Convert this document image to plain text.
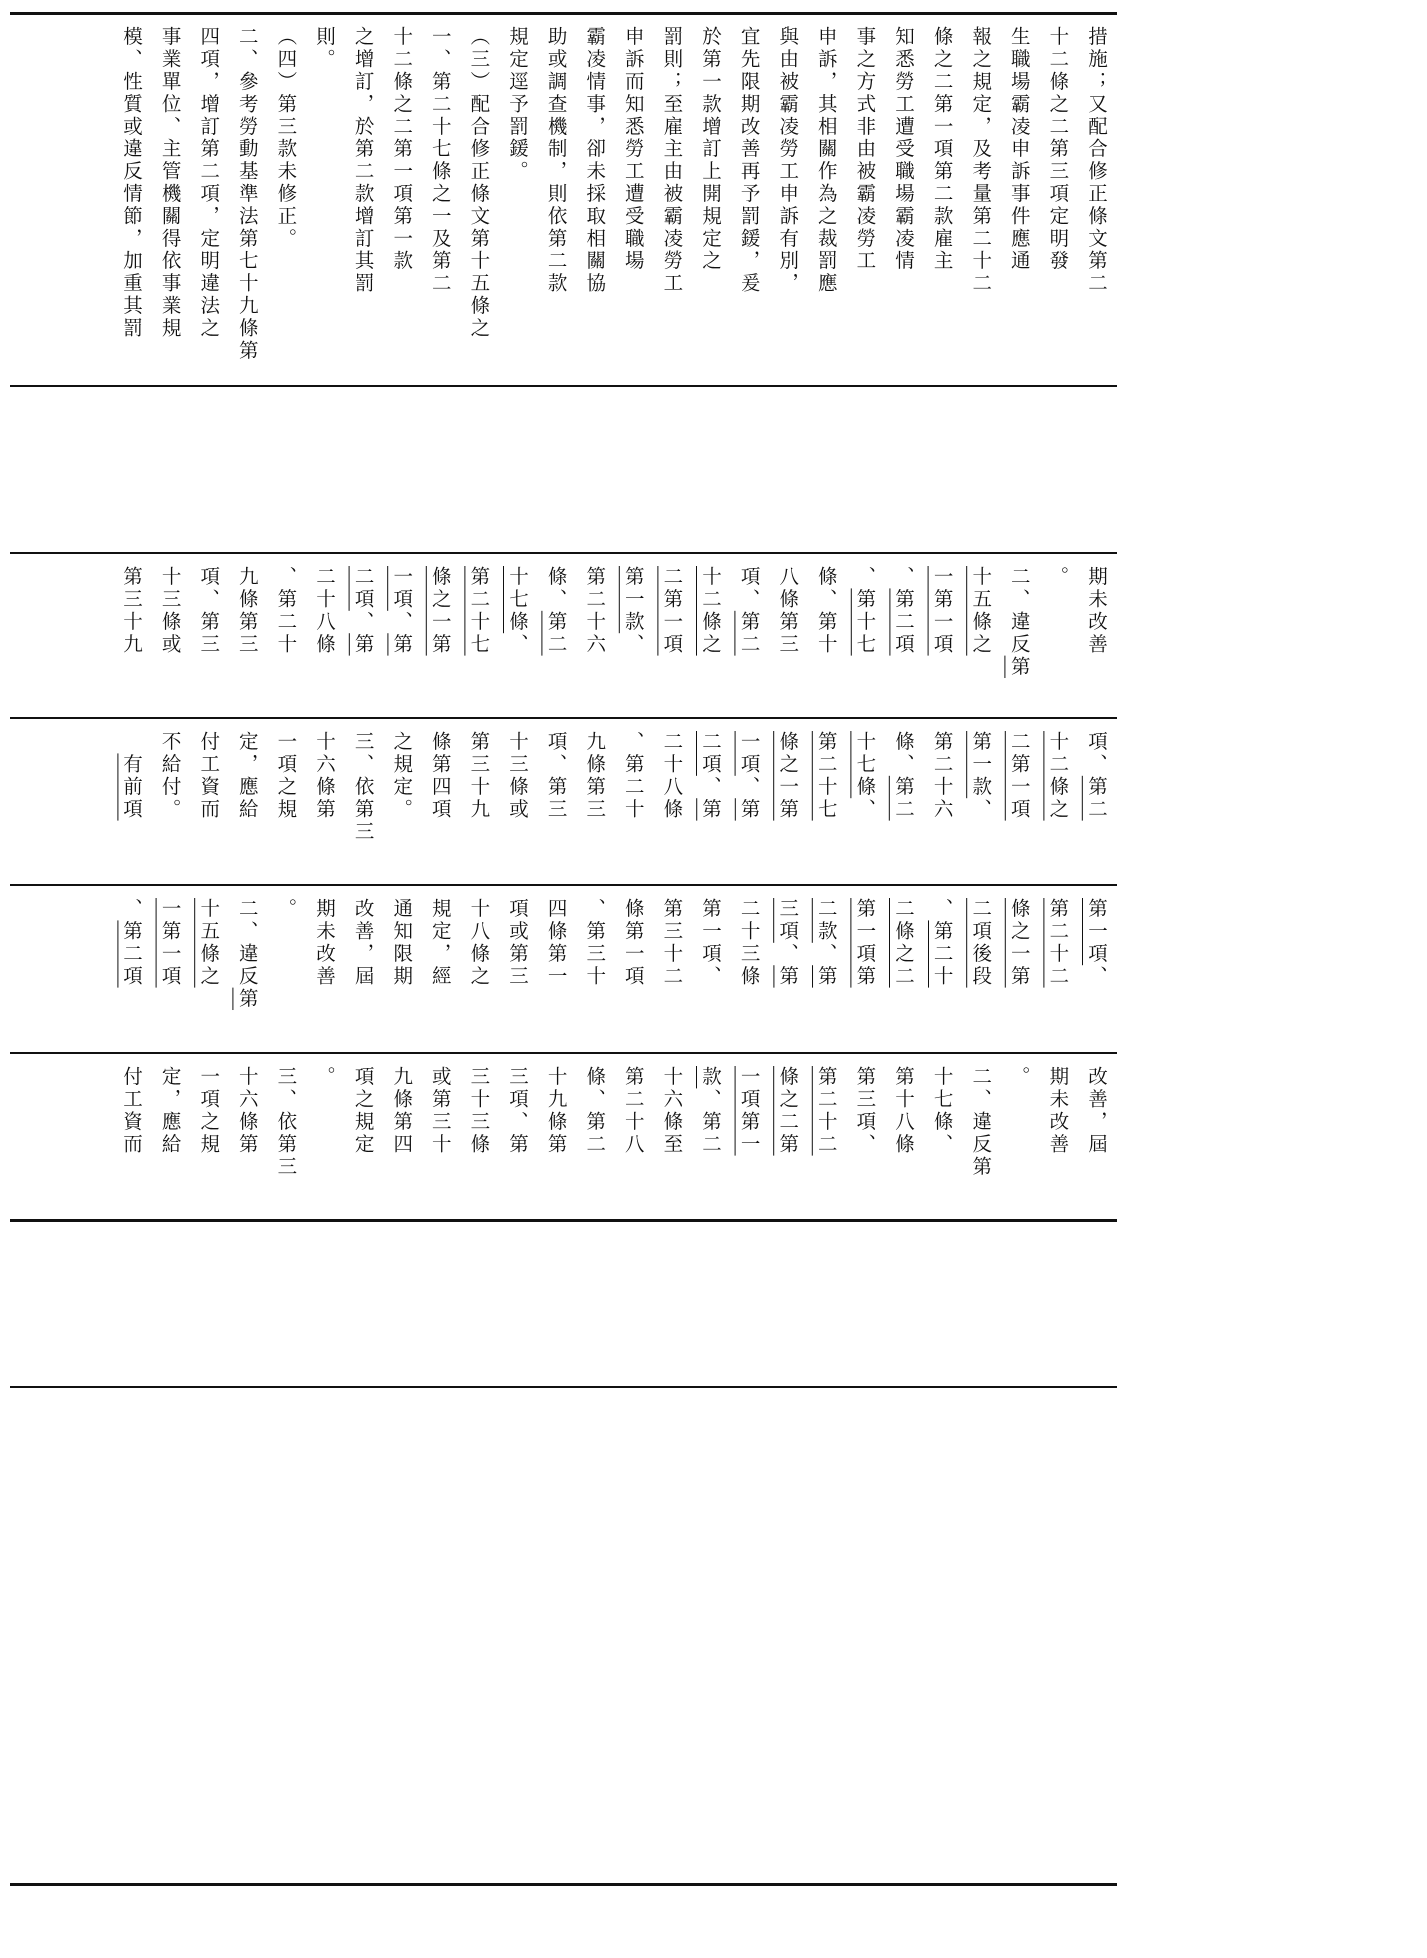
措施；又配合修正條文第二
十二條之二第三項定明發
生職場霸凌申訴事件應通
報之規定，及考量第二十二
條之二第一項第二款雇主
知悉勞工遭受職場霸凌情
事之方式非由被霸凌勞工
申訴，其相關作為之裁罰應
與由被霸凌勞工申訴有別，
宜先限期改善再予罰鍰，爰
於第一款增訂上開規定之
罰則；至雇主由被霸凌勞工
申訴而知悉勞工遭受職場
霸凌情事，卻未採取相關協
助或調查機制，則依第二款
規定逕予罰鍰。
（三）配合修正條文第十五條之
一、第二十七條之一及第二
十二條之二第一項第一款
之增訂，於第二款增訂其罰
則。
（四）第三款未修正。
二、參考勞動基準法第七十九條第
四項，增訂第二項，定明違法之
事業單位、主管機關得依事業規
模、性質或違反情節，加重其罰
期未改善
。
二、違反第
十五條之
一第一項
、第二項
、第十七
條、第十
八條第三
項、第二
十二條之
二第一項
第一款、
第二十六
條、第二
十七條、
第二十七
條之一第
一項、第
二項、第
二十八條
、第二十
九條第三
項、第三
十三條或
第三十九
項、第二
十二條之
二第一項
第一款、
第二十六
條、第二
十七條、
第二十七
條之一第
一項、第
二項、第
二十八條
、第二十
九條第三
項、第三
十三條或
第三十九
條第四項
之規定。
三、依第三
十六條第
一項之規
定，應給
付工資而
不給付。
　有前項
第一項、
第二十二
條之一第
二項後段
、第二十
二條之二
第一項第
二款、第
三項、第
二十三條
第一項、
第三十二
條第一項
、第三十
四條第一
項或第三
十八條之
規定，經
通知限期
改善，屆
期未改善
。
二、違反第
十五條之
一第一項
、第二項
改善，屆
期未改善
。
二、違反第
十七條、
第十八條
第三項、
第二十二
條之二第
一項第一
款、第二
十六條至
第二十八
條、第二
十九條第
三項、第
三十三條
或第三十
九條第四
項之規定
。
三、依第三
十六條第
一項之規
定，應給
付工資而
